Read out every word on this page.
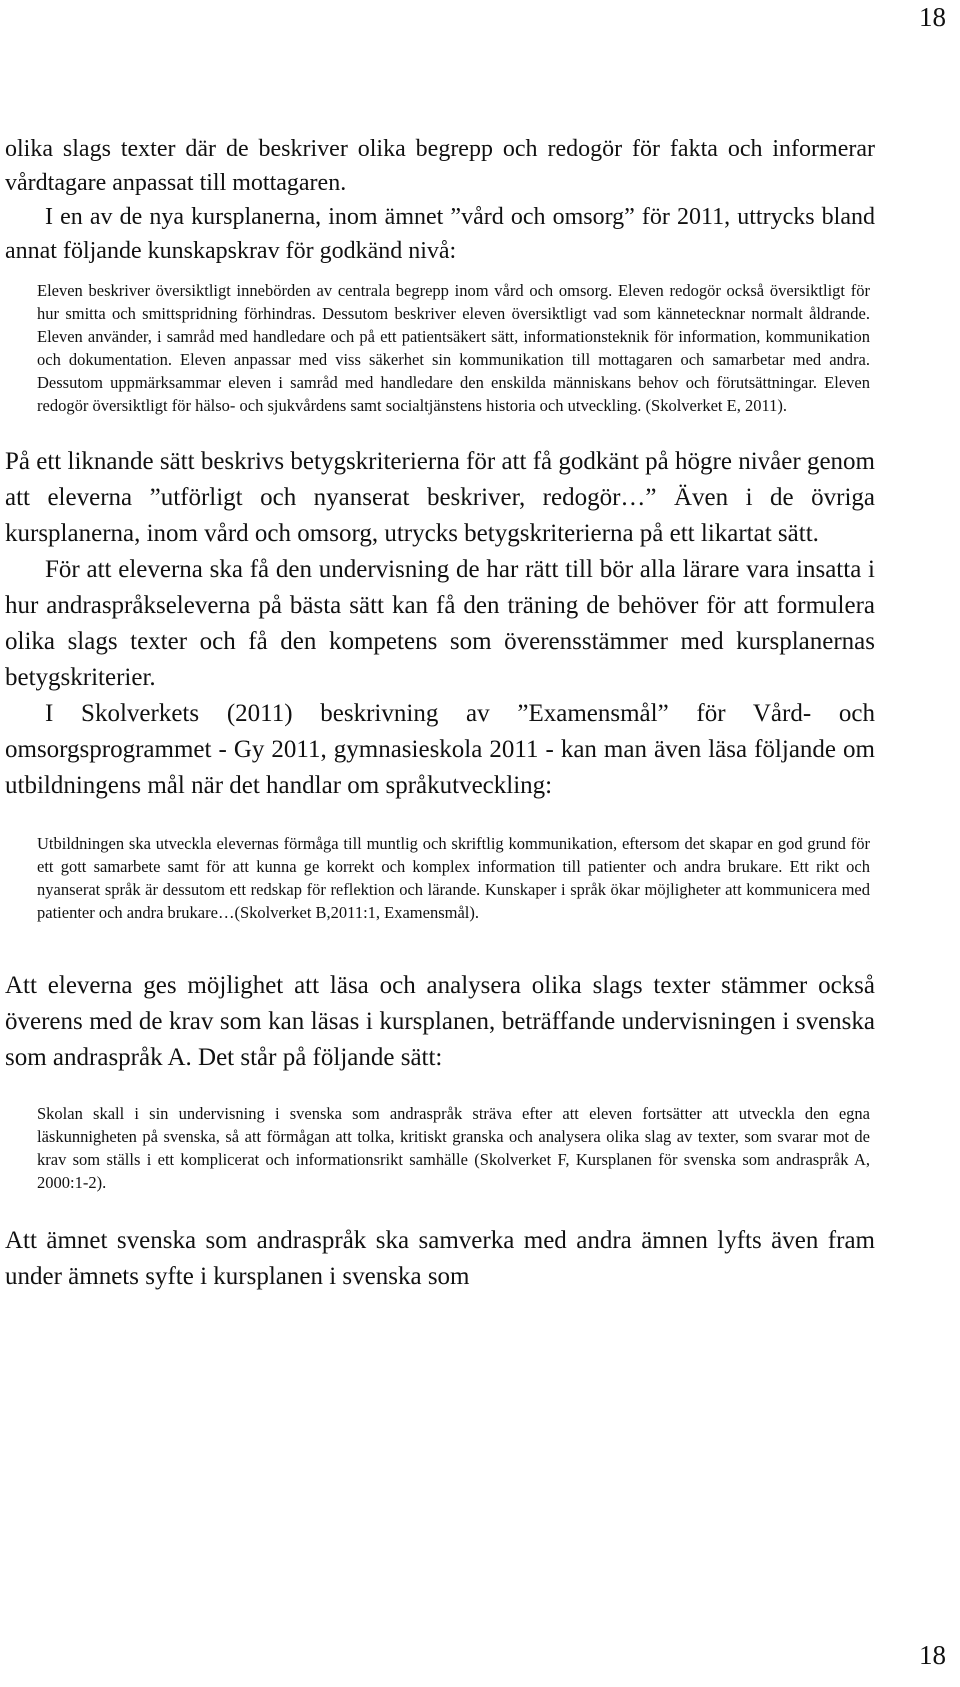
18

olika slags texter där de beskriver olika begrepp och redogör för fakta och informerar vårdtagare anpassat till mottagaren.

I en av de nya kursplanerna, inom ämnet ”vård och omsorg” för 2011, uttrycks bland annat följande kunskapskrav för godkänd nivå:

Eleven beskriver översiktligt innebörden av centrala begrepp inom vård och omsorg. Eleven redogör också översiktligt för hur smitta och smittspridning förhindras. Dessutom beskriver eleven översiktligt vad som kännetecknar normalt åldrande. Eleven använder, i samråd med handledare och på ett patientsäkert sätt, informationsteknik för information, kommunikation och dokumentation. Eleven anpassar med viss säkerhet sin kommunikation till mottagaren och samarbetar med andra. Dessutom uppmärksammar eleven i samråd med handledare den enskilda människans behov och förutsättningar. Eleven redogör översiktligt för hälso- och sjukvårdens samt socialtjänstens historia och utveckling. (Skolverket E, 2011).

På ett liknande sätt beskrivs betygskriterierna för att få godkänt på högre nivåer genom att eleverna ”utförligt och nyanserat beskriver, redogör…” Även i de övriga kursplanerna, inom vård och omsorg, utrycks betygskriterierna på ett likartat sätt.

För att eleverna ska få den undervisning de har rätt till bör alla lärare vara insatta i hur andraspråkseleverna på bästa sätt kan få den träning de behöver för att formulera olika slags texter och få den kompetens som överensstämmer med kursplanernas betygskriterier.

I Skolverkets (2011) beskrivning av ”Examensmål” för Vård- och omsorgsprogrammet - Gy 2011, gymnasieskola 2011 - kan man även läsa följande om utbildningens mål när det handlar om språkutveckling:

Utbildningen ska utveckla elevernas förmåga till muntlig och skriftlig kommunikation, eftersom det skapar en god grund för ett gott samarbete samt för att kunna ge korrekt och komplex information till patienter och andra brukare. Ett rikt och nyanserat språk är dessutom ett redskap för reflektion och lärande. Kunskaper i språk ökar möjligheter att kommunicera med patienter och andra brukare…(Skolverket B,2011:1, Examensmål).

Att eleverna ges möjlighet att läsa och analysera olika slags texter stämmer också överens med de krav som kan läsas i kursplanen, beträffande undervisningen i svenska som andraspråk A. Det står på följande sätt:

Skolan skall i sin undervisning i svenska som andraspråk sträva efter att eleven fortsätter att utveckla den egna läskunnigheten på svenska, så att förmågan att tolka, kritiskt granska och analysera olika slag av texter, som svarar mot de krav som ställs i ett komplicerat och informationsrikt samhälle (Skolverket F, Kursplanen för svenska som andraspråk A, 2000:1-2).

Att ämnet svenska som andraspråk ska samverka med andra ämnen lyfts även fram under ämnets syfte i kursplanen i svenska som

18
